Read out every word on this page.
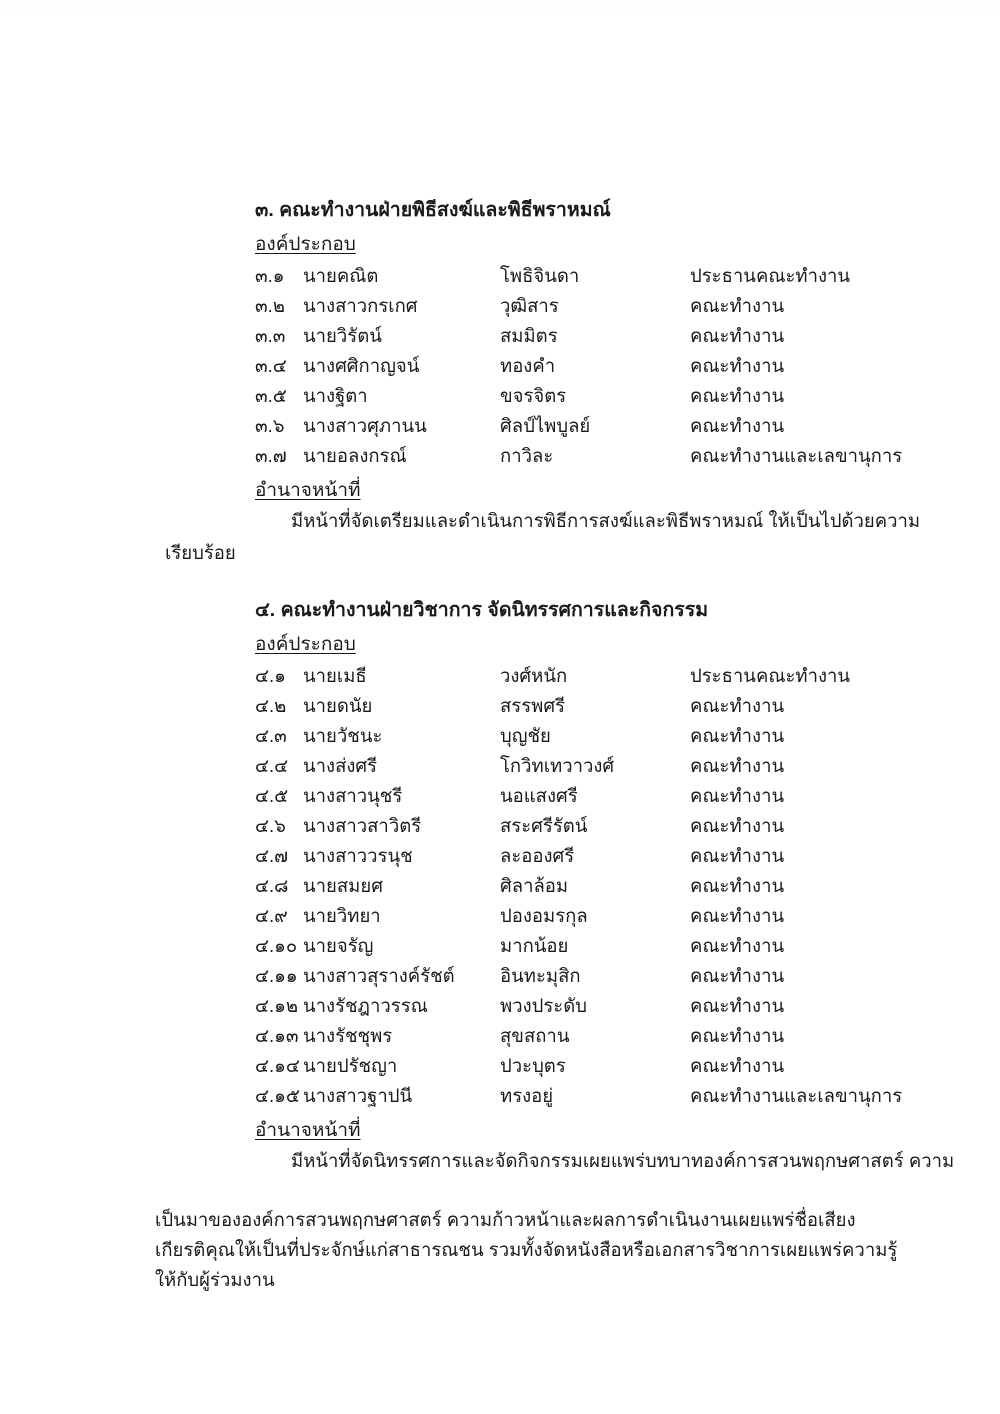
๓. คณะทำงานฝ่ายพิธีสงฆ์และพิธีพราหมณ์
องค์ประกอบ
๓.๑ นายคณิต	โพธิจินดา	ประธานคณะทำงาน
๓.๒ นางสาวกรเกศ	วุฒิสาร	คณะทำงาน
๓.๓ นายวิรัตน์	สมมิตร	คณะทำงาน
๓.๔ นางศศิกาญจน์	ทองคำ	คณะทำงาน
๓.๕ นางฐิตา	ขจรจิตร	คณะทำงาน
๓.๖ นางสาวศุภานน	ศิลป์ไพบูลย์	คณะทำงาน
๓.๗ นายอลงกรณ์	กาวิละ	คณะทำงานและเลขานุการ
อำนาจหน้าที่
มีหน้าที่จัดเตรียมและดำเนินการพิธีการสงฆ์และพิธีพราหมณ์ ให้เป็นไปด้วยความ
เรียบร้อย
๔. คณะทำงานฝ่ายวิชาการ จัดนิทรรศการและกิจกรรม
องค์ประกอบ
๔.๑ นายเมธี	วงศ์หนัก	ประธานคณะทำงาน
๔.๒ นายดนัย	สรรพศรี	คณะทำงาน
๔.๓ นายวัชนะ	บุญชัย	คณะทำงาน
๔.๔ นางส่งศรี	โกวิทเทวาวงศ์	คณะทำงาน
๔.๕ นางสาวนุชรี	นอแสงศรี	คณะทำงาน
๔.๖ นางสาวสาวิตรี	สระศรีรัตน์	คณะทำงาน
๔.๗ นางสาววรนุช	ละอองศรี	คณะทำงาน
๔.๘ นายสมยศ	ศิลาล้อม	คณะทำงาน
๔.๙ นายวิทยา	ปองอมรกุล	คณะทำงาน
๔.๑๐ นายจรัญ	มากน้อย	คณะทำงาน
๔.๑๑ นางสาวสุรางค์รัชต์	อินทะมุสิก	คณะทำงาน
๔.๑๒ นางรัชฎาวรรณ	พวงประดับ	คณะทำงาน
๔.๑๓ นางรัชชุพร	สุขสถาน	คณะทำงาน
๔.๑๔ นายปรัชญา	ปวะบุตร	คณะทำงาน
๔.๑๕ นางสาวฐาปนี	ทรงอยู่	คณะทำงานและเลขานุการ
อำนาจหน้าที่
มีหน้าที่จัดนิทรรศการและจัดกิจกรรมเผยแพร่บทบาทองค์การสวนพฤกษศาสตร์ ความ
เป็นมาขององค์การสวนพฤกษศาสตร์ ความก้าวหน้าและผลการดำเนินงานเผยแพร่ชื่อเสียงเกียรติคุณให้เป็นที่ประจักษ์แก่สาธารณชน รวมทั้งจัดหนังสือหรือเอกสารวิชาการเผยแพร่ความรู้ให้กับผู้ร่วมงาน
